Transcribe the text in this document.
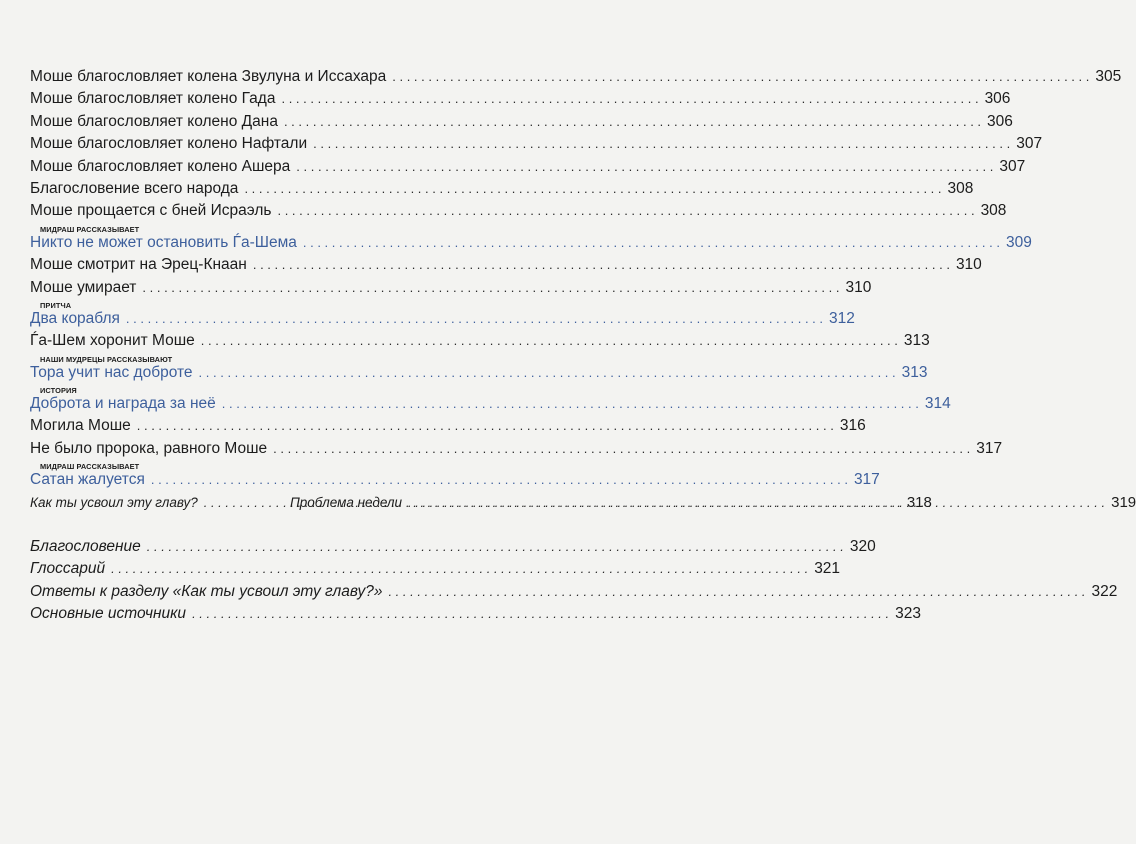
Моше благословляет колена Звулуна и Иссахара . . .	305
Моше благословляет колено Гада . . .	306
Моше благословляет колено Дана . . .	306
Моше благословляет колено Нафтали . . .	307
Моше благословляет колено Ашера . . .	307
Благословение всего народа . . .	308
Моше прощается с бней Исраэль . . .	308
МИДРАШ РАССКАЗЫВАЕТ
Никто не может остановить Ѓа-Шема . . .	309
Моше смотрит на Эрец-Кнаан . . .	310
Моше умирает . . .	310
ПРИТЧА
Два корабля . . .	312
Ѓа-Шем хоронит Моше . . .	313
НАШИ МУДРЕЦЫ РАССКАЗЫВАЮТ
Тора учит нас доброте . . .	313
ИСТОРИЯ
Доброта и награда за неё . . .	314
Могила Моше . . .	316
Не было пророка, равного Моше . . .	317
МИДРАШ РАССКАЗЫВАЕТ
Сатан жалуется . . .	317
Как ты усвоил эту главу? . . .	318
Проблема недели . . .	319
Благословение . . .	320
Глоссарий . . .	321
Ответы к разделу «Как ты усвоил эту главу?» . . .	322
Основные источники . . .	323
